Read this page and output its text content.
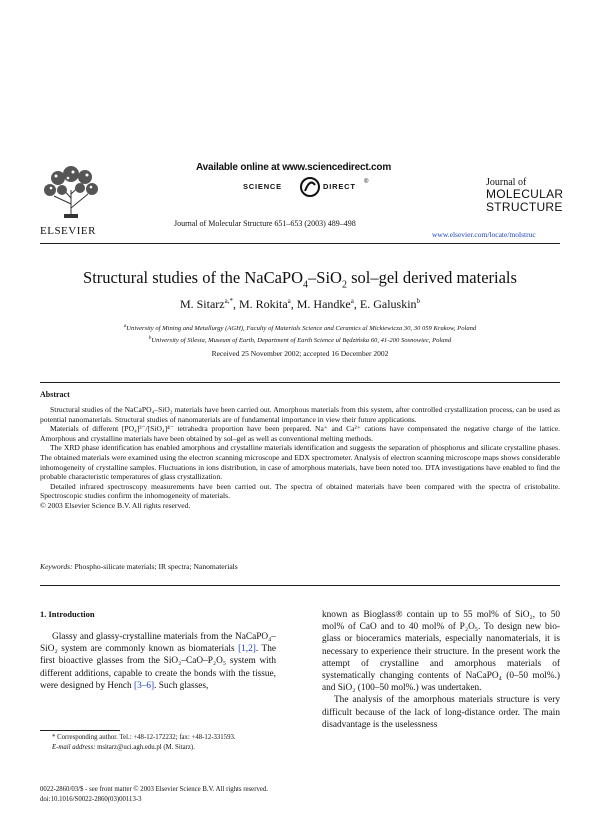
ELSEVIER
Available online at www.sciencedirect.com
SCIENCE	DIRECT ®
Journal of Molecular Structure 651–653 (2003) 489–498
Journal of
MOLECULAR
STRUCTURE
www.elsevier.com/locate/molstruc
Structural studies of the NaCaPO$_4$–SiO$_2$ sol–gel derived materials
M. Sitarz$^{a,*}$, M. Rokita$^a$, M. Handke$^a$, E. Galuskin$^b$
$^a$University of Mining and Metallurgy (AGH), Faculty of Materials Science and Ceramics al Mickiewicza 30, 30 059 Krakow, Poland
$^b$University of Silesia, Museum of Earth, Department of Earth Science ul Będzińska 60, 41-200 Sosnowiec, Poland
Received 25 November 2002; accepted 16 December 2002
Abstract

Structural studies of the NaCaPO₄–SiO₂ materials have been carried out. Amorphous materials from this system, after controlled crystallization process, can be used as potential nanomaterials. Structural studies of nanomaterials are of fundamental importance in view their future applications.

Materials of different [PO₄]³⁻/[SiO₄]⁴⁻ tetrahedra proportion have been prepared. Na⁺ and Ca²⁺ cations have compensated the negative charge of the lattice. Amorphous and crystalline materials have been obtained by sol–gel as well as conventional melting methods.

The XRD phase identification has enabled amorphous and crystalline materials identification and suggests the separation of phosphorus and silicate crystalline phases. The obtained materials were examined using the electron scanning microscope and EDX spectrometer. Analysis of electron scanning microscope maps shows considerable inhomogeneity of crystalline samples. Fluctuations in ions distribution, in case of amorphous materials, have been noted too. DTA investigations have enabled to find the probable characteristic temperatures of glass crystallization.

Detailed infrared spectroscopy measurements have been carried out. The spectra of obtained materials have been compared with the spectra of cristobalite. Spectroscopic studies confirm the inhomogeneity of materials.

© 2003 Elsevier Science B.V. All rights reserved.

Keywords: Phospho-silicate materials; IR spectra; Nanomaterials
1. Introduction
Glassy and glassy-crystalline materials from the NaCaPO₄–SiO₂ system are commonly known as biomaterials [1,2]. The first bioactive glasses from the SiO₂–CaO–P₂O₅ system with different additions, capable to create the bonds with the tissue, were designed by Hench [3–6]. Such glasses,

* Corresponding author. Tel.: +48-12-172232; fax: +48-12-331593.

E-mail address: msitarz@uci.agh.edu.pl (M. Sitarz).

known as Bioglass® contain up to 55 mol% of SiO₂, to 50 mol% of CaO and to 40 mol% of P₂O₅. To design new bio-glass or bioceramics materials, especially nanomaterials, it is necessary to experience their structure. In the present work the attempt of crystalline and amorphous materials of systematically changing contents of NaCaPO₄ (0–50 mol%.) and SiO₂ (100–50 mol%.) was undertaken.

The analysis of the amorphous materials structure is very difficult because of the lack of long-distance order. The main disadvantage is the uselessness

0022-2860/03/$ - see front matter © 2003 Elsevier Science B.V. All rights reserved.
doi:10.1016/S0022-2860(03)00113-3
